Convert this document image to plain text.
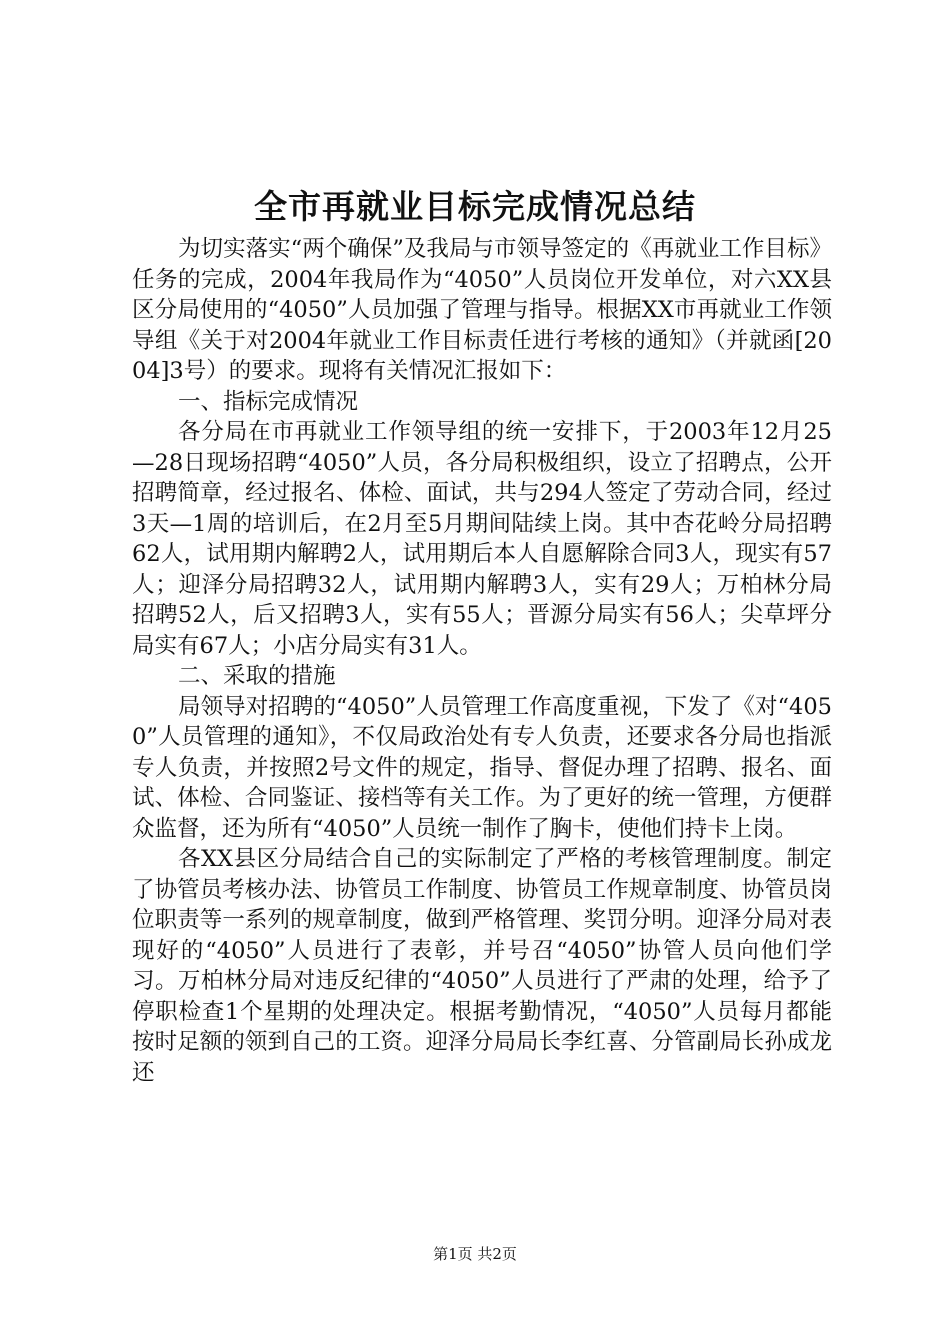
全市再就业目标完成情况总结

为切实落实“两个确保”及我局与市领导签定的《再就业工作目标》任务的完成，2004年我局作为“4050”人员岗位开发单位，对六XX县区分局使用的“4050”人员加强了管理与指导。根据XX市再就业工作领导组《关于对2004年就业工作目标责任进行考核的通知》（并就函[2004]3号）的要求。现将有关情况汇报如下：

一、指标完成情况

各分局在市再就业工作领导组的统一安排下，于2003年12月25—28日现场招聘“4050”人员，各分局积极组织，设立了招聘点，公开招聘简章，经过报名、体检、面试，共与294人签定了劳动合同，经过3天—1周的培训后，在2月至5月期间陆续上岗。其中杏花岭分局招聘62人，试用期内解聘2人，试用期后本人自愿解除合同3人，现实有57人；迎泽分局招聘32人，试用期内解聘3人，实有29人；万柏林分局招聘52人，后又招聘3人，实有55人；晋源分局实有56人；尖草坪分局实有67人；小店分局实有31人。

二、采取的措施

局领导对招聘的“4050”人员管理工作高度重视，下发了《对“4050”人员管理的通知》，不仅局政治处有专人负责，还要求各分局也指派专人负责，并按照2号文件的规定，指导、督促办理了招聘、报名、面试、体检、合同鉴证、接档等有关工作。为了更好的统一管理，方便群众监督，还为所有“4050”人员统一制作了胸卡，使他们持卡上岗。

各XX县区分局结合自己的实际制定了严格的考核管理制度。制定了协管员考核办法、协管员工作制度、协管员工作规章制度、协管员岗位职责等一系列的规章制度，做到严格管理、奖罚分明。迎泽分局对表现好的“4050”人员进行了表彰，并号召“4050”协管人员向他们学习。万柏林分局对违反纪律的“4050”人员进行了严肃的处理，给予了停职检查1个星期的处理决定。根据考勤情况，“4050”人员每月都能按时足额的领到自己的工资。迎泽分局局长李红喜、分管副局长孙成龙还

第1页 共2页
